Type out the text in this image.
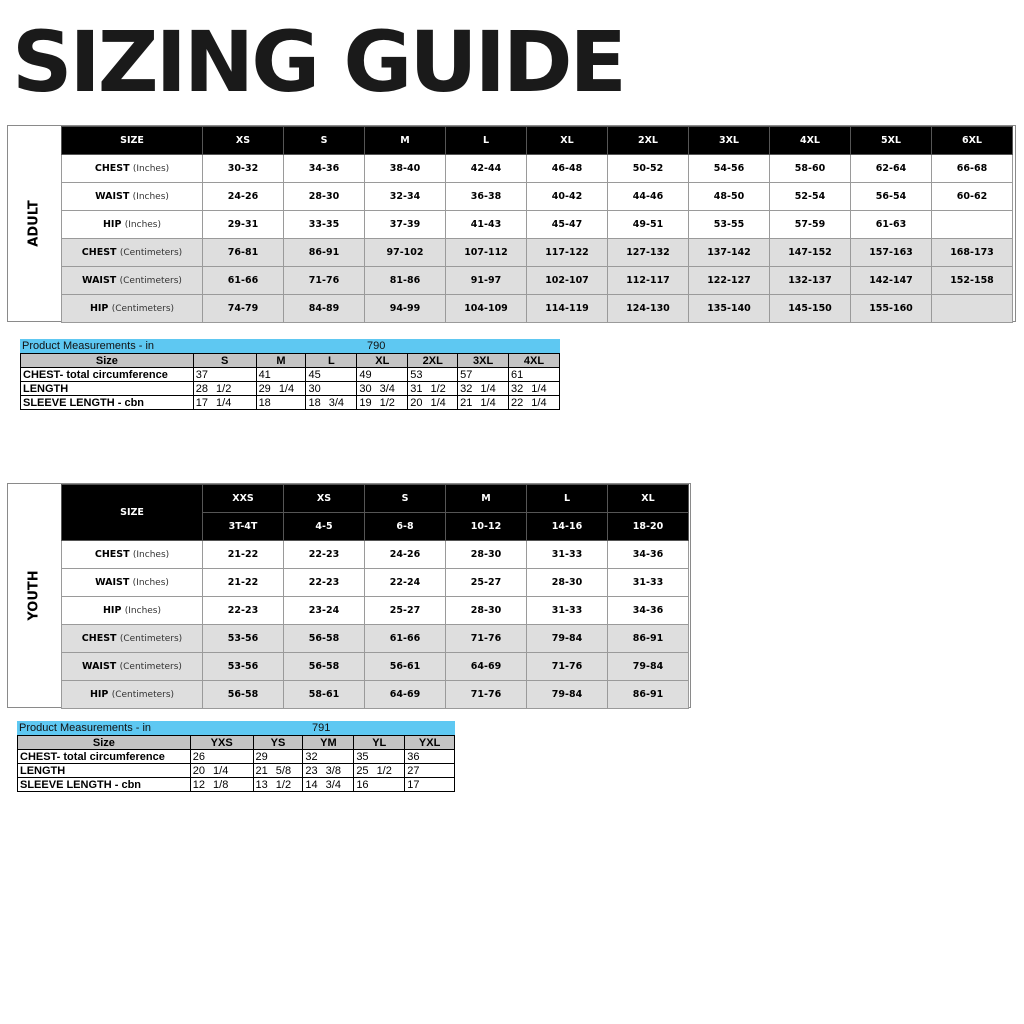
SIZING GUIDE
ADULT
SIZE	XS	S	M	L	XL	2XL	3XL	4XL	5XL	6XL
CHEST (Inches)	30-32	34-36	38-40	42-44	46-48	50-52	54-56	58-60	62-64	66-68
WAIST (Inches)	24-26	28-30	32-34	36-38	40-42	44-46	48-50	52-54	56-54	60-62
HIP (Inches)	29-31	33-35	37-39	41-43	45-47	49-51	53-55	57-59	61-63	
CHEST (Centimeters)	76-81	86-91	97-102	107-112	117-122	127-132	137-142	147-152	157-163	168-173
WAIST (Centimeters)	61-66	71-76	81-86	91-97	102-107	112-117	122-127	132-137	142-147	152-158
HIP (Centimeters)	74-79	84-89	94-99	104-109	114-119	124-130	135-140	145-150	155-160	
Product Measurements - in	790
Size	S	M	L	XL	2XL	3XL	4XL
CHEST- total circumference	37	41	45	49	53	57	61
LENGTH	28 1/2	29 1/4	30	30 3/4	31 1/2	32 1/4	32 1/4
SLEEVE LENGTH - cbn	17 1/4	18	18 3/4	19 1/2	20 1/4	21 1/4	22 1/4
YOUTH
SIZE	XXS	XS	S	M	L	XL
	3T-4T	4-5	6-8	10-12	14-16	18-20
CHEST (Inches)	21-22	22-23	24-26	28-30	31-33	34-36
WAIST (Inches)	21-22	22-23	22-24	25-27	28-30	31-33
HIP (Inches)	22-23	23-24	25-27	28-30	31-33	34-36
CHEST (Centimeters)	53-56	56-58	61-66	71-76	79-84	86-91
WAIST (Centimeters)	53-56	56-58	56-61	64-69	71-76	79-84
HIP (Centimeters)	56-58	58-61	64-69	71-76	79-84	86-91
Product Measurements - in	791
Size	YXS	YS	YM	YL	YXL
CHEST- total circumference	26	29	32	35	36
LENGTH	20 1/4	21 5/8	23 3/8	25 1/2	27
SLEEVE LENGTH - cbn	12 1/8	13 1/2	14 3/4	16	17
